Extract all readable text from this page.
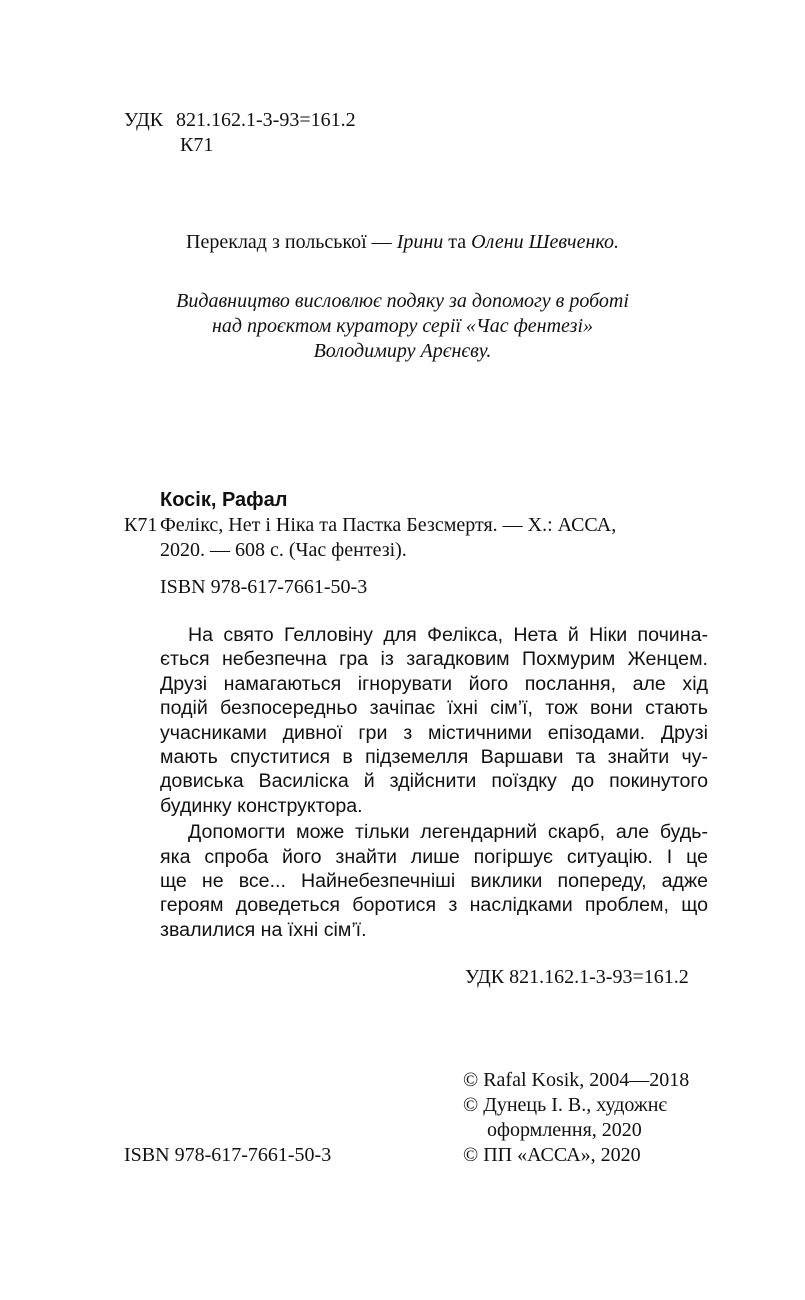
УДК 821.162.1-3-93=161.2
К71
Переклад з польської — Ірини та Олени Шевченко.
Видавництво висловлює подяку за допомогу в роботі
над проєктом куратору серії «Час фентезі»
Володимиру Арєнєву.
Косік, Рафал
К71 Фелікс, Нет і Ніка та Пастка Безсмертя. — Х.: АССА,
2020. — 608 с. (Час фентезі).
ISBN 978-617-7661-50-3
На свято Гелловіну для Фелікса, Нета й Ніки почина-
ється небезпечна гра із загадковим Похмурим Женцем.
Друзі намагаються ігнорувати його послання, але хід
подій безпосередньо зачіпає їхні сім’ї, тож вони стають
учасниками дивної гри з містичними епізодами. Друзі
мають спуститися в підземелля Варшави та знайти чу-
довиська Василіска й здійснити поїздку до покинутого
будинку конструктора.
Допомогти може тільки легендарний скарб, але будь-
яка спроба його знайти лише погіршує ситуацію. І це
ще не все... Найнебезпечніші виклики попереду, адже
героям доведеться боротися з наслідками проблем, що
звалилися на їхні сім’ї.
УДК 821.162.1-3-93=161.2
© Rafal Kosik, 2004—2018
© Дунець І. В., художнє
оформлення, 2020
© ПП «АССА», 2020
ISBN 978-617-7661-50-3
